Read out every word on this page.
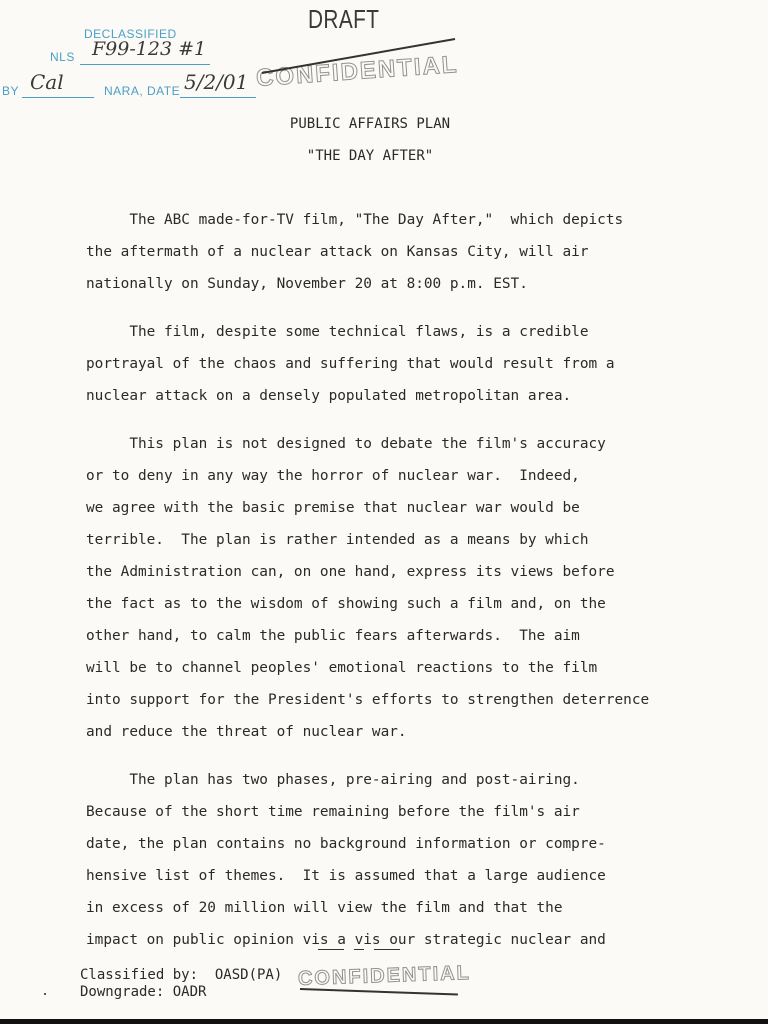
DECLASSIFIED
NLS F99-123 #1
BY Cal	NARA, DATE 5/2/01
DRAFT
CONFIDENTIAL
PUBLIC AFFAIRS PLAN
"THE DAY AFTER"
The ABC made-for-TV film, "The Day After,"  which depicts
the aftermath of a nuclear attack on Kansas City, will air
nationally on Sunday, November 20 at 8:00 p.m. EST.
The film, despite some technical flaws, is a credible
portrayal of the chaos and suffering that would result from a
nuclear attack on a densely populated metropolitan area.
This plan is not designed to debate the film's accuracy
or to deny in any way the horror of nuclear war.  Indeed,
we agree with the basic premise that nuclear war would be
terrible.  The plan is rather intended as a means by which
the Administration can, on one hand, express its views before
the fact as to the wisdom of showing such a film and, on the
other hand, to calm the public fears afterwards.  The aim
will be to channel peoples' emotional reactions to the film
into support for the President's efforts to strengthen deterrence
and reduce the threat of nuclear war.
The plan has two phases, pre-airing and post-airing.
Because of the short time remaining before the film's air
date, the plan contains no background information or compre-
hensive list of themes.  It is assumed that a large audience
in excess of 20 million will view the film and that the
impact on public opinion vis a vis our strategic nuclear and
Classified by:  OASD(PA)
Downgrade: OADR
CONFIDENTIAL
